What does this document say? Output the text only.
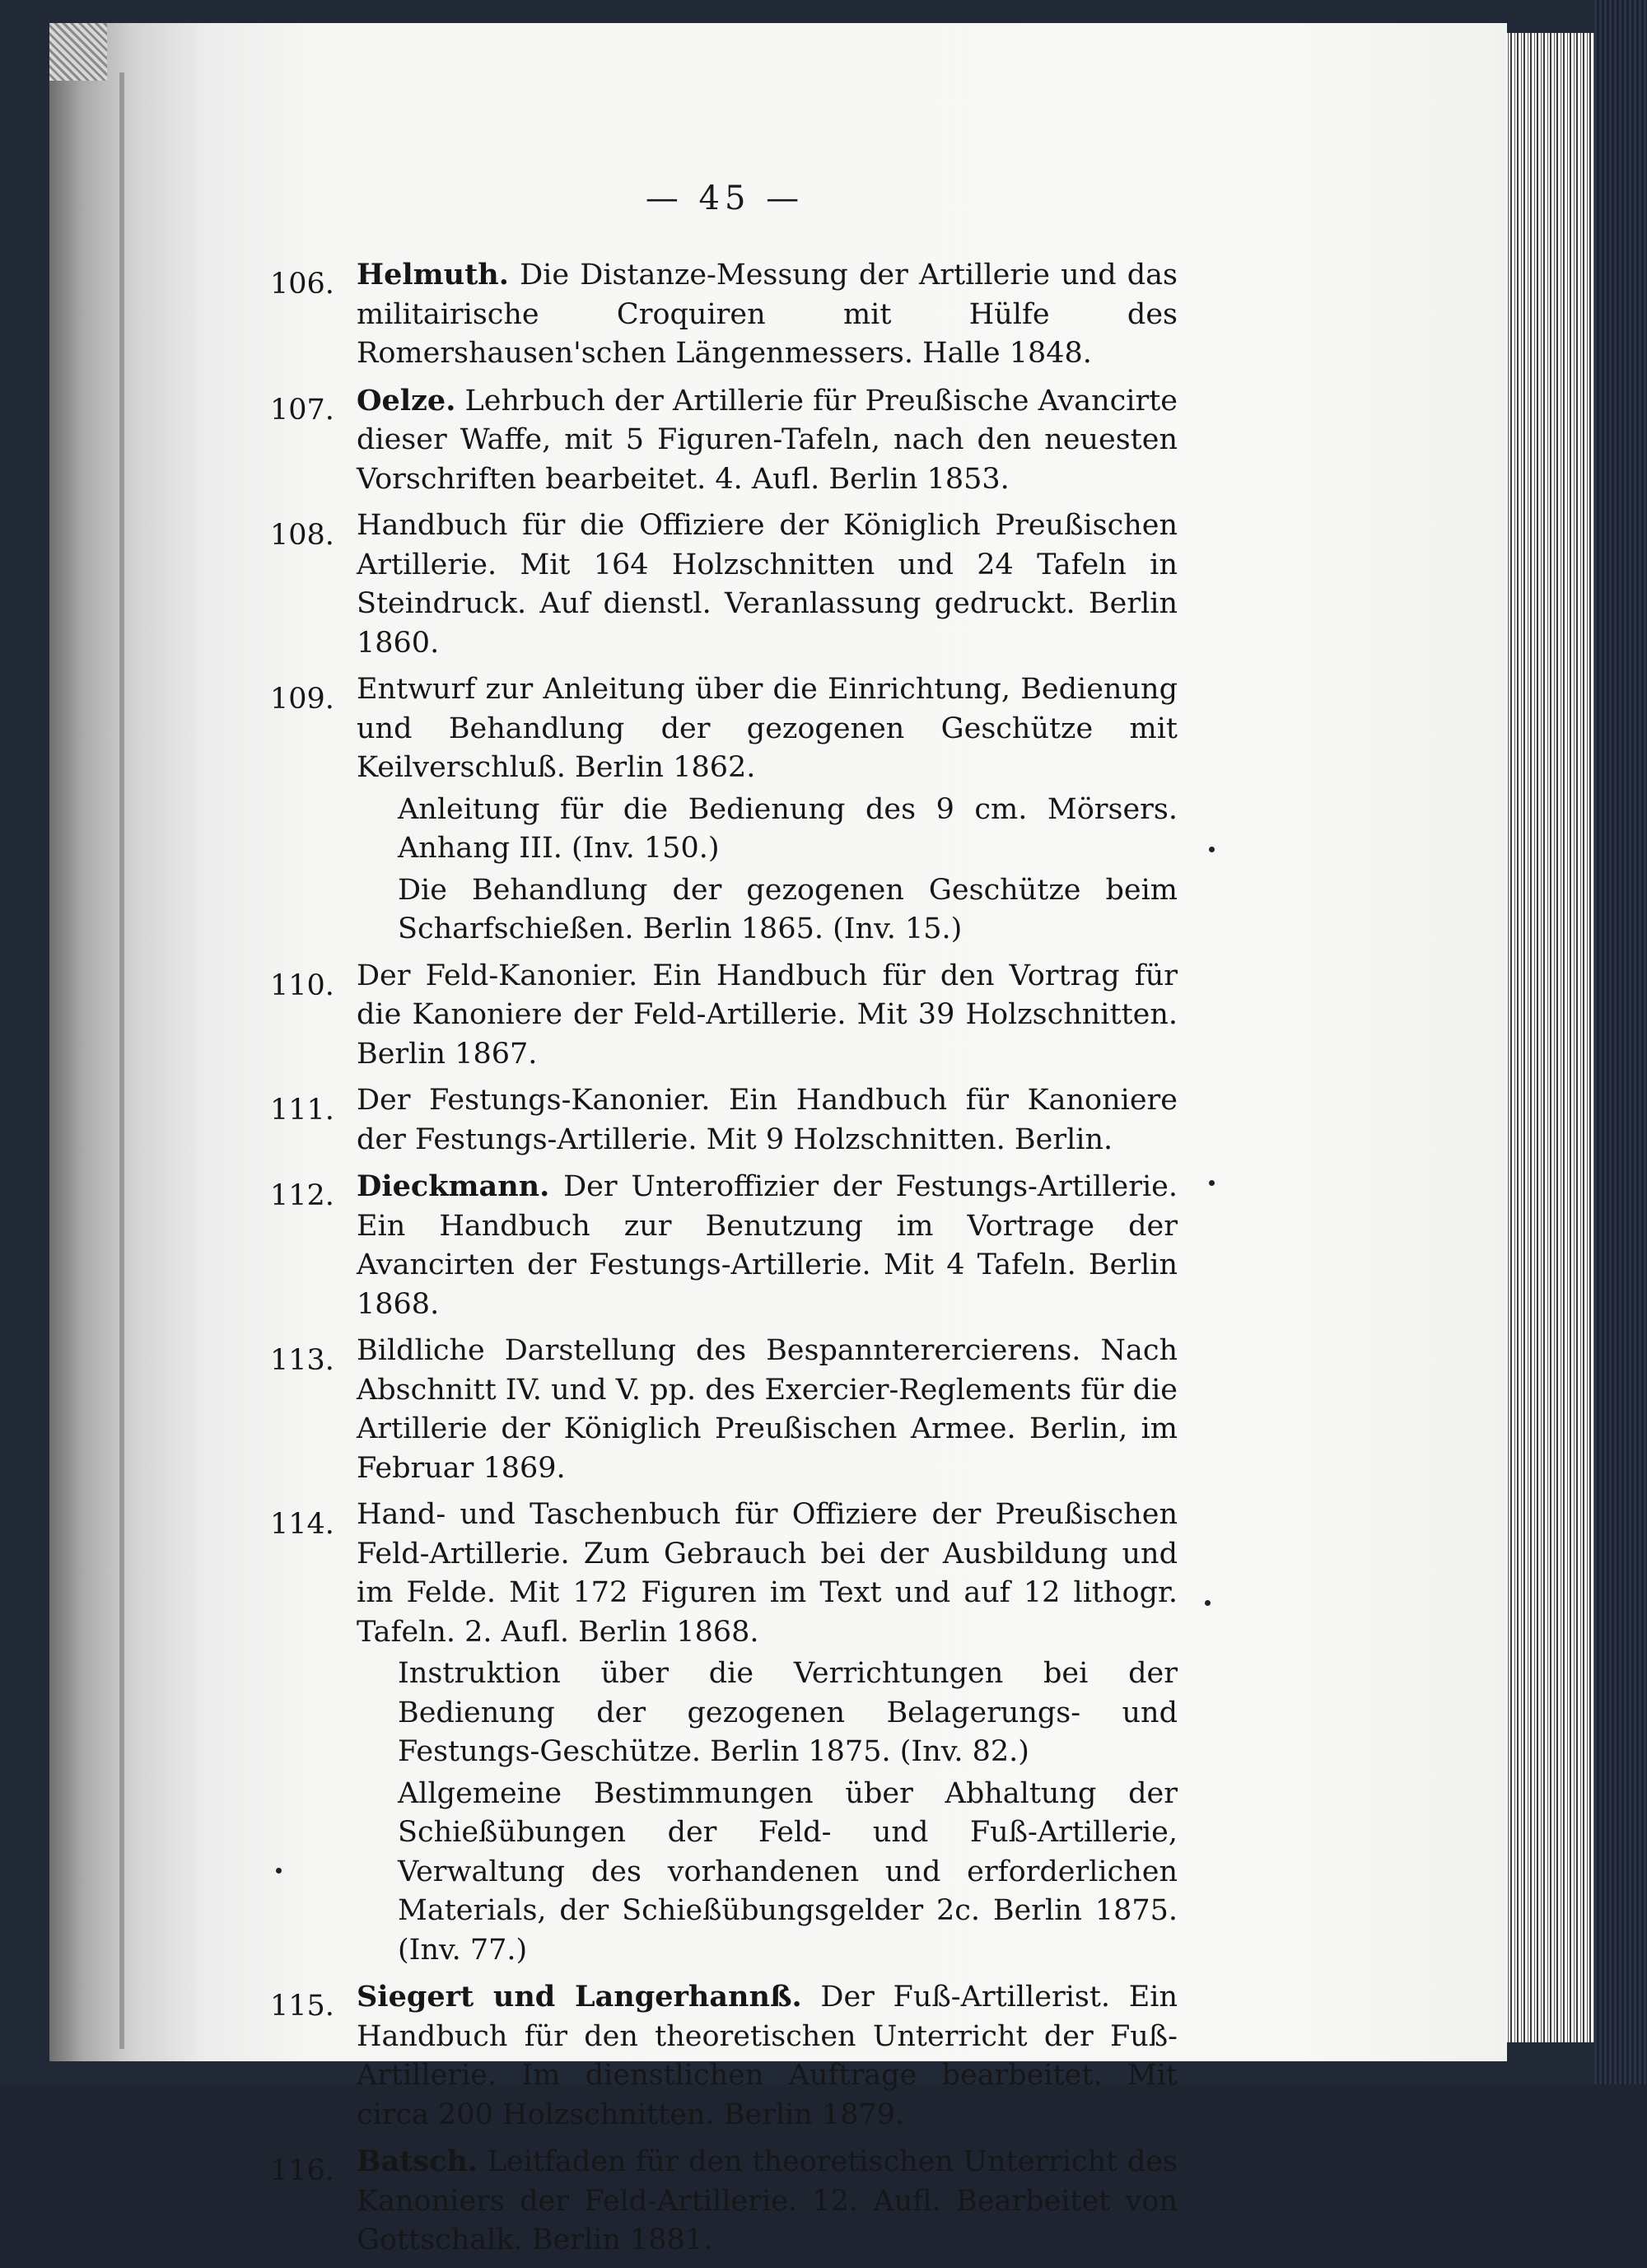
— 45 —
106. Helmuth. Die Distanze-Messung der Artillerie und das militairische Croquiren mit Hülfe des Romershausen'schen Längenmessers. Halle 1848.
107. Oelze. Lehrbuch der Artillerie für Preußische Avancirte dieser Waffe, mit 5 Figuren-Tafeln, nach den neuesten Vorschriften bearbeitet. 4. Aufl. Berlin 1853.
108. Handbuch für die Offiziere der Königlich Preußischen Artillerie. Mit 164 Holzschnitten und 24 Tafeln in Steindruck. Auf dienstl. Veranlassung gedruckt. Berlin 1860.
109. Entwurf zur Anleitung über die Einrichtung, Bedienung und Behandlung der gezogenen Geschütze mit Keilverschluß. Berlin 1862.
Anleitung für die Bedienung des 9 cm. Mörsers. Anhang III. (Inv. 150.)
Die Behandlung der gezogenen Geschütze beim Scharfschießen. Berlin 1865. (Inv. 15.)
110. Der Feld-Kanonier. Ein Handbuch für den Vortrag für die Kanoniere der Feld-Artillerie. Mit 39 Holzschnitten. Berlin 1867.
111. Der Festungs-Kanonier. Ein Handbuch für Kanoniere der Festungs-Artillerie. Mit 9 Holzschnitten. Berlin.
112. Dieckmann. Der Unteroffizier der Festungs-Artillerie. Ein Handbuch zur Benutzung im Vortrage der Avancirten der Festungs-Artillerie. Mit 4 Tafeln. Berlin 1868.
113. Bildliche Darstellung des Bespannterercierens. Nach Abschnitt IV. und V. pp. des Exercier-Reglements für die Artillerie der Königlich Preußischen Armee. Berlin, im Februar 1869.
114. Hand- und Taschenbuch für Offiziere der Preußischen Feld-Artillerie. Zum Gebrauch bei der Ausbildung und im Felde. Mit 172 Figuren im Text und auf 12 lithogr. Tafeln. 2. Aufl. Berlin 1868.
Instruktion über die Verrichtungen bei der Bedienung der gezogenen Belagerungs- und Festungs-Geschütze. Berlin 1875. (Inv. 82.)
Allgemeine Bestimmungen über Abhaltung der Schießübungen der Feld- und Fuß-Artillerie, Verwaltung des vorhandenen und erforderlichen Materials, der Schießübungsgelder 2c. Berlin 1875. (Inv. 77.)
115. Siegert und Langerhannß. Der Fuß-Artillerist. Ein Handbuch für den theoretischen Unterricht der Fuß-Artillerie. Im dienstlichen Auftrage bearbeitet. Mit circa 200 Holzschnitten. Berlin 1879.
116. Batsch. Leitfaden für den theoretischen Unterricht des Kanoniers der Feld-Artillerie. 12. Aufl. Bearbeitet von Gottschalk. Berlin 1881.
